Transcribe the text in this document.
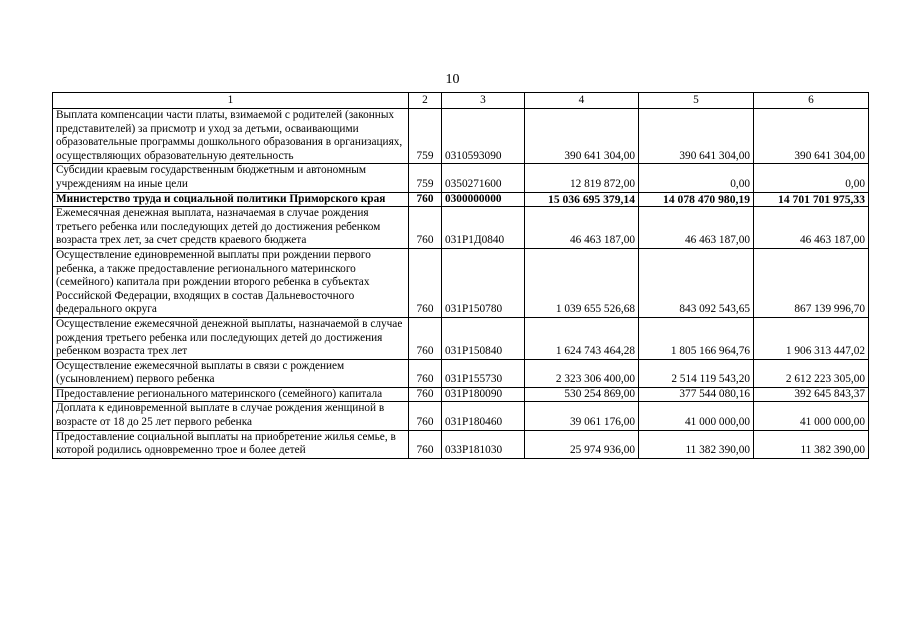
10
1	2	3	4	5	6
Выплата компенсации части платы, взимаемой с родителей (законных представителей) за присмотр и уход за детьми, осваивающими образовательные программы дошкольного образования в организациях, осуществляющих образовательную деятельность	759	0310593090	390 641 304,00	390 641 304,00	390 641 304,00
Субсидии краевым государственным бюджетным и автономным учреждениям на иные цели	759	0350271600	12 819 872,00	0,00	0,00
Министерство труда и социальной политики Приморского края	760	0300000000	15 036 695 379,14	14 078 470 980,19	14 701 701 975,33
Ежемесячная денежная выплата, назначаемая в случае рождения третьего ребенка или последующих детей до достижения ребенком возраста трех лет, за счет средств краевого бюджета	760	031P1Д0840	46 463 187,00	46 463 187,00	46 463 187,00
Осуществление единовременной выплаты при рождении первого ребенка, а также предоставление регионального материнского (семейного) капитала при рождении второго ребенка в субъектах Российской Федерации, входящих в состав Дальневосточного федерального округа	760	031P150780	1 039 655 526,68	843 092 543,65	867 139 996,70
Осуществление ежемесячной денежной выплаты, назначаемой в случае рождения третьего ребенка или последующих детей до достижения ребенком возраста трех лет	760	031P150840	1 624 743 464,28	1 805 166 964,76	1 906 313 447,02
Осуществление ежемесячной выплаты в связи с рождением (усыновлением) первого ребенка	760	031P155730	2 323 306 400,00	2 514 119 543,20	2 612 223 305,00
Предоставление регионального материнского (семейного) капитала	760	031P180090	530 254 869,00	377 544 080,16	392 645 843,37
Доплата к единовременной выплате в случае рождения женщиной в возрасте от 18 до 25 лет первого ребенка	760	031P180460	39 061 176,00	41 000 000,00	41 000 000,00
Предоставление социальной выплаты на приобретение жилья семье, в которой родились одновременно трое и более детей	760	033P181030	25 974 936,00	11 382 390,00	11 382 390,00
